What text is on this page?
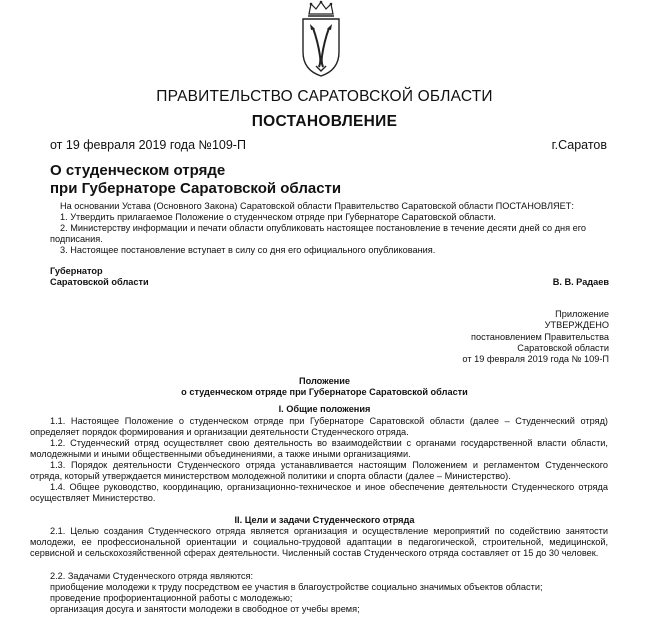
ПРАВИТЕЛЬСТВО САРАТОВСКОЙ ОБЛАСТИ
ПОСТАНОВЛЕНИЕ
от 19 февраля 2019 года №109-П	г.Саратов
О студенческом отряде
при Губернаторе Саратовской области
На основании Устава (Основного Закона) Саратовской области Правительство Саратовской области ПОСТАНОВЛЯЕТ:
1. Утвердить прилагаемое Положение о студенческом отряде при Губернаторе Саратовской области.
2. Министерству информации и печати области опубликовать настоящее постановление в течение десяти дней со дня его подписания.
3. Настоящее постановление вступает в силу со дня его официального опубликования.
Губернатор
Саратовской области	В. В. Радаев
Приложение
УТВЕРЖДЕНО
постановлением Правительства
Саратовской области
от 19 февраля 2019 года № 109-П
Положение
о студенческом отряде при Губернаторе Саратовской области
I. Общие положения
1.1. Настоящее Положение о студенческом отряде при Губернаторе Саратовской области (далее – Студенческий отряд) определяет порядок формирования и организации деятельности Студенческого отряда.
1.2. Студенческий отряд осуществляет свою деятельность во взаимодействии с органами государственной власти области, молодежными и иными общественными объединениями, а также иными организациями.
1.3. Порядок деятельности Студенческого отряда устанавливается настоящим Положением и регламентом Студенческого отряда, который утверждается министерством молодежной политики и спорта области (далее – Министерство).
1.4. Общее руководство, координацию, организационно-техническое и иное обеспечение деятельности Студенческого отряда осуществляет Министерство.
II. Цели и задачи Студенческого отряда
2.1. Целью создания Студенческого отряда является организация и осуществление мероприятий по содействию занятости молодежи, ее профессиональной ориентации и социально-трудовой адаптации в педагогической, строительной, медицинской, сервисной и сельскохозяйственной сферах деятельности. Численный состав Студенческого отряда составляет от 15 до 30 человек.
2.2. Задачами Студенческого отряда являются:
приобщение молодежи к труду посредством ее участия в благоустройстве социально значимых объектов области;
проведение профориентационной работы с молодежью;
организация досуга и занятости молодежи в свободное от учебы время;
